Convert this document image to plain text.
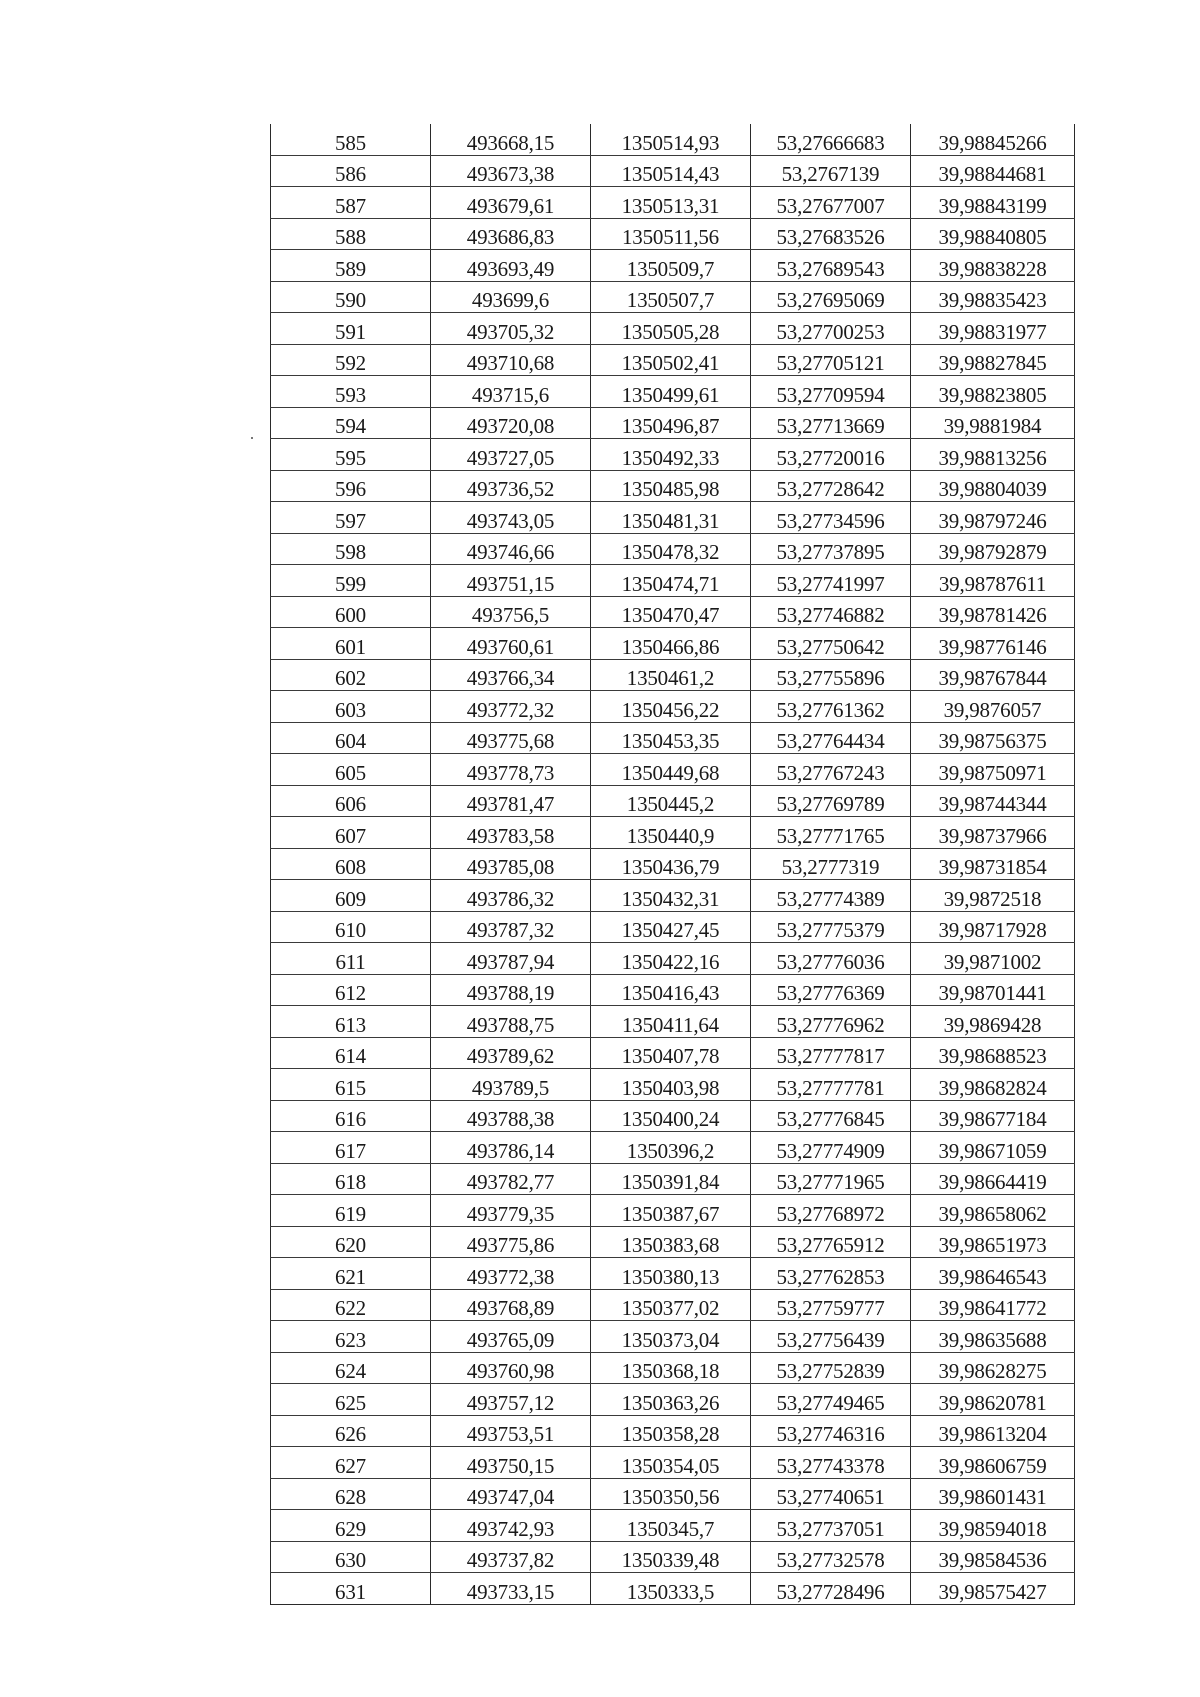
585	493668,15	1350514,93	53,27666683	39,98845266
586	493673,38	1350514,43	53,2767139	39,98844681
587	493679,61	1350513,31	53,27677007	39,98843199
588	493686,83	1350511,56	53,27683526	39,98840805
589	493693,49	1350509,7	53,27689543	39,98838228
590	493699,6	1350507,7	53,27695069	39,98835423
591	493705,32	1350505,28	53,27700253	39,98831977
592	493710,68	1350502,41	53,27705121	39,98827845
593	493715,6	1350499,61	53,27709594	39,98823805
594	493720,08	1350496,87	53,27713669	39,9881984
595	493727,05	1350492,33	53,27720016	39,98813256
596	493736,52	1350485,98	53,27728642	39,98804039
597	493743,05	1350481,31	53,27734596	39,98797246
598	493746,66	1350478,32	53,27737895	39,98792879
599	493751,15	1350474,71	53,27741997	39,98787611
600	493756,5	1350470,47	53,27746882	39,98781426
601	493760,61	1350466,86	53,27750642	39,98776146
602	493766,34	1350461,2	53,27755896	39,98767844
603	493772,32	1350456,22	53,27761362	39,9876057
604	493775,68	1350453,35	53,27764434	39,98756375
605	493778,73	1350449,68	53,27767243	39,98750971
606	493781,47	1350445,2	53,27769789	39,98744344
607	493783,58	1350440,9	53,27771765	39,98737966
608	493785,08	1350436,79	53,2777319	39,98731854
609	493786,32	1350432,31	53,27774389	39,9872518
610	493787,32	1350427,45	53,27775379	39,98717928
611	493787,94	1350422,16	53,27776036	39,9871002
612	493788,19	1350416,43	53,27776369	39,98701441
613	493788,75	1350411,64	53,27776962	39,9869428
614	493789,62	1350407,78	53,27777817	39,98688523
615	493789,5	1350403,98	53,27777781	39,98682824
616	493788,38	1350400,24	53,27776845	39,98677184
617	493786,14	1350396,2	53,27774909	39,98671059
618	493782,77	1350391,84	53,27771965	39,98664419
619	493779,35	1350387,67	53,27768972	39,98658062
620	493775,86	1350383,68	53,27765912	39,98651973
621	493772,38	1350380,13	53,27762853	39,98646543
622	493768,89	1350377,02	53,27759777	39,98641772
623	493765,09	1350373,04	53,27756439	39,98635688
624	493760,98	1350368,18	53,27752839	39,98628275
625	493757,12	1350363,26	53,27749465	39,98620781
626	493753,51	1350358,28	53,27746316	39,98613204
627	493750,15	1350354,05	53,27743378	39,98606759
628	493747,04	1350350,56	53,27740651	39,98601431
629	493742,93	1350345,7	53,27737051	39,98594018
630	493737,82	1350339,48	53,27732578	39,98584536
631	493733,15	1350333,5	53,27728496	39,98575427
